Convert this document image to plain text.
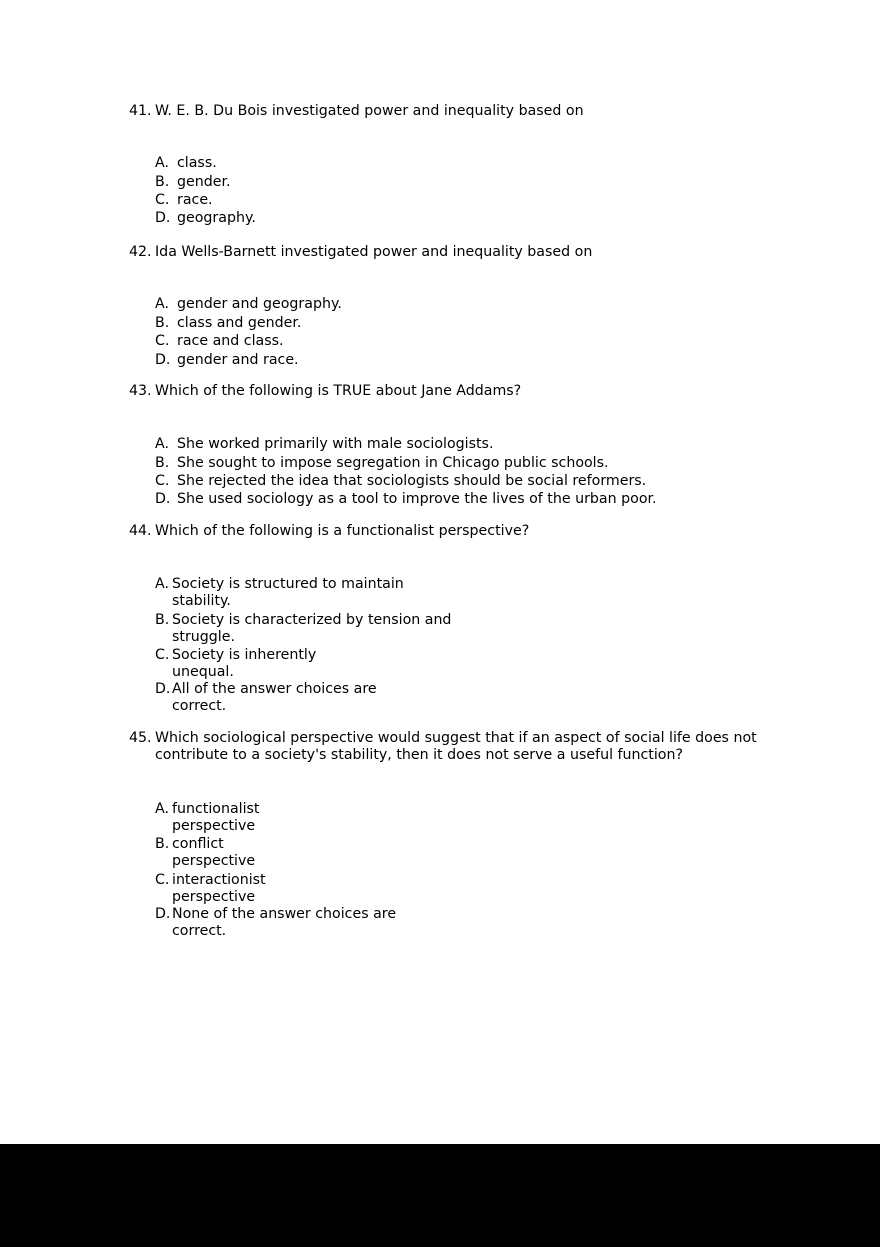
41. W. E. B. Du Bois investigated power and inequality based on
A. class.
B. gender.
C. race.
D. geography.
42. Ida Wells-Barnett investigated power and inequality based on
A. gender and geography.
B. class and gender.
C. race and class.
D. gender and race.
43. Which of the following is TRUE about Jane Addams?
A. She worked primarily with male sociologists.
B. She sought to impose segregation in Chicago public schools.
C. She rejected the idea that sociologists should be social reformers.
D. She used sociology as a tool to improve the lives of the urban poor.
44. Which of the following is a functionalist perspective?
A. Society is structured to maintain stability.
B. Society is characterized by tension and struggle.
C. Society is inherently unequal.
D. All of the answer choices are correct.
45. Which sociological perspective would suggest that if an aspect of social life does not contribute to a society's stability, then it does not serve a useful function?
A. functionalist perspective
B. conflict perspective
C. interactionist perspective
D. None of the answer choices are correct.
